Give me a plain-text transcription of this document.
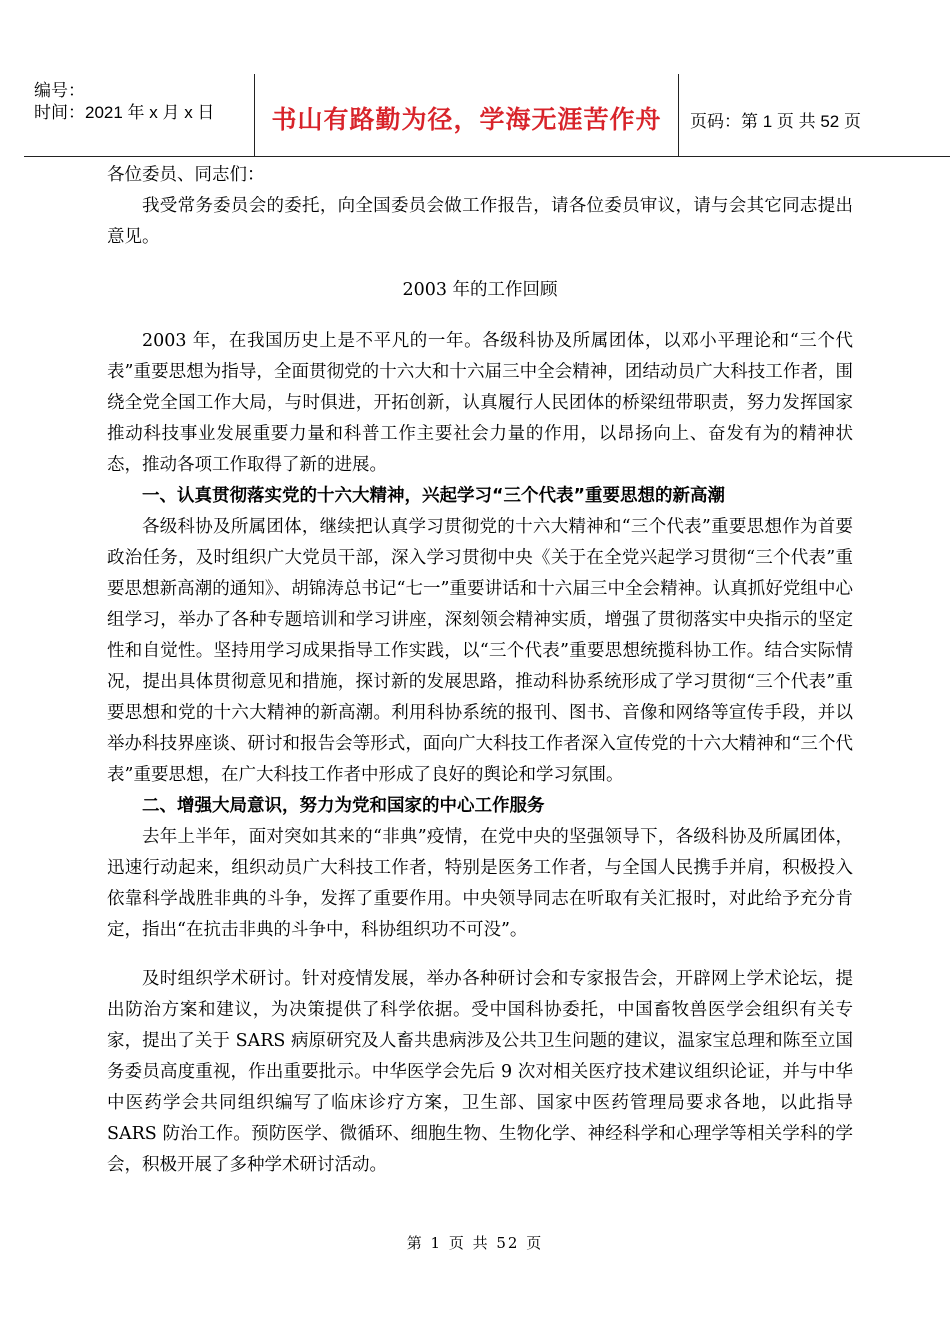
编号：
时间：2021 年 x 月 x 日	书山有路勤为径，学海无涯苦作舟	页码：第 1 页 共 52 页

各位委员、同志们：

我受常务委员会的委托，向全国委员会做工作报告，请各位委员审议，请与会其它同志提出意见。

2003 年的工作回顾

2003 年，在我国历史上是不平凡的一年。各级科协及所属团体，以邓小平理论和“三个代表”重要思想为指导，全面贯彻党的十六大和十六届三中全会精神，团结动员广大科技工作者，围绕全党全国工作大局，与时俱进，开拓创新，认真履行人民团体的桥梁纽带职责，努力发挥国家推动科技事业发展重要力量和科普工作主要社会力量的作用，以昂扬向上、奋发有为的精神状态，推动各项工作取得了新的进展。

一、认真贯彻落实党的十六大精神，兴起学习“三个代表”重要思想的新高潮

各级科协及所属团体，继续把认真学习贯彻党的十六大精神和“三个代表”重要思想作为首要政治任务，及时组织广大党员干部，深入学习贯彻中央《关于在全党兴起学习贯彻“三个代表”重要思想新高潮的通知》、胡锦涛总书记“七一”重要讲话和十六届三中全会精神。认真抓好党组中心组学习，举办了各种专题培训和学习讲座，深刻领会精神实质，增强了贯彻落实中央指示的坚定性和自觉性。坚持用学习成果指导工作实践，以“三个代表”重要思想统揽科协工作。结合实际情况，提出具体贯彻意见和措施，探讨新的发展思路，推动科协系统形成了学习贯彻“三个代表”重要思想和党的十六大精神的新高潮。利用科协系统的报刊、图书、音像和网络等宣传手段，并以举办科技界座谈、研讨和报告会等形式，面向广大科技工作者深入宣传党的十六大精神和“三个代表”重要思想，在广大科技工作者中形成了良好的舆论和学习氛围。

二、增强大局意识，努力为党和国家的中心工作服务

去年上半年，面对突如其来的“非典”疫情，在党中央的坚强领导下，各级科协及所属团体，迅速行动起来，组织动员广大科技工作者，特别是医务工作者，与全国人民携手并肩，积极投入依靠科学战胜非典的斗争，发挥了重要作用。中央领导同志在听取有关汇报时，对此给予充分肯定，指出“在抗击非典的斗争中，科协组织功不可没”。

及时组织学术研讨。针对疫情发展，举办各种研讨会和专家报告会，开辟网上学术论坛，提出防治方案和建议，为决策提供了科学依据。受中国科协委托，中国畜牧兽医学会组织有关专家，提出了关于 SARS 病原研究及人畜共患病涉及公共卫生问题的建议，温家宝总理和陈至立国务委员高度重视，作出重要批示。中华医学会先后 9 次对相关医疗技术建议组织论证，并与中华中医药学会共同组织编写了临床诊疗方案，卫生部、国家中医药管理局要求各地，以此指导 SARS 防治工作。预防医学、微循环、细胞生物、生物化学、神经科学和心理学等相关学科的学会，积极开展了多种学术研讨活动。

第 1 页 共 52 页
